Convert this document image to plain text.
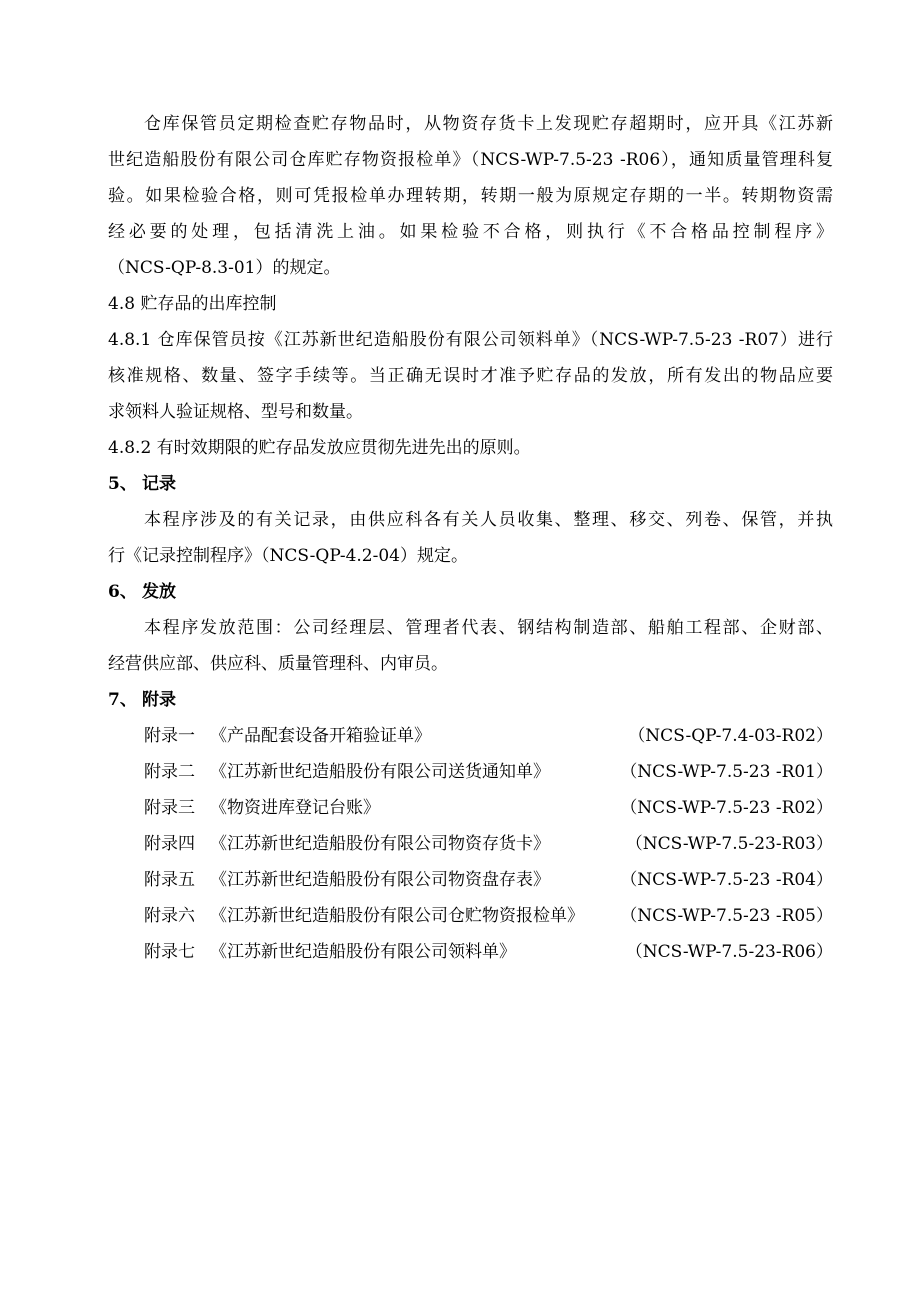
仓库保管员定期检查贮存物品时，从物资存货卡上发现贮存超期时，应开具《江苏新
世纪造船股份有限公司仓库贮存物资报检单》（NCS-WP-7.5-23 -R06），通知质量管理科复
验。如果检验合格，则可凭报检单办理转期，转期一般为原规定存期的一半。转期物资需
经必要的处理，包括清洗上油。如果检验不合格，则执行《不合格品控制程序》
（NCS-QP-8.3-01）的规定。
4.8 贮存品的出库控制
4.8.1 仓库保管员按《江苏新世纪造船股份有限公司领料单》（NCS-WP-7.5-23 -R07）进行
核准规格、数量、签字手续等。当正确无误时才准予贮存品的发放，所有发出的物品应要
求领料人验证规格、型号和数量。
4.8.2 有时效期限的贮存品发放应贯彻先进先出的原则。
5、 记录
本程序涉及的有关记录，由供应科各有关人员收集、整理、移交、列卷、保管，并执
行《记录控制程序》（NCS-QP-4.2-04）规定。
6、 发放
本程序发放范围：公司经理层、管理者代表、钢结构制造部、船舶工程部、企财部、
经营供应部、供应科、质量管理科、内审员。
7、 附录
附录一 《产品配套设备开箱验证单》	（NCS-QP-7.4-03-R02）
附录二 《江苏新世纪造船股份有限公司送货通知单》	（NCS-WP-7.5-23 -R01）
附录三 《物资进库登记台账》	（NCS-WP-7.5-23 -R02）
附录四 《江苏新世纪造船股份有限公司物资存货卡》	（NCS-WP-7.5-23-R03）
附录五 《江苏新世纪造船股份有限公司物资盘存表》	（NCS-WP-7.5-23 -R04）
附录六 《江苏新世纪造船股份有限公司仓贮物资报检单》 （NCS-WP-7.5-23 -R05）
附录七 《江苏新世纪造船股份有限公司领料单》	（NCS-WP-7.5-23-R06）
